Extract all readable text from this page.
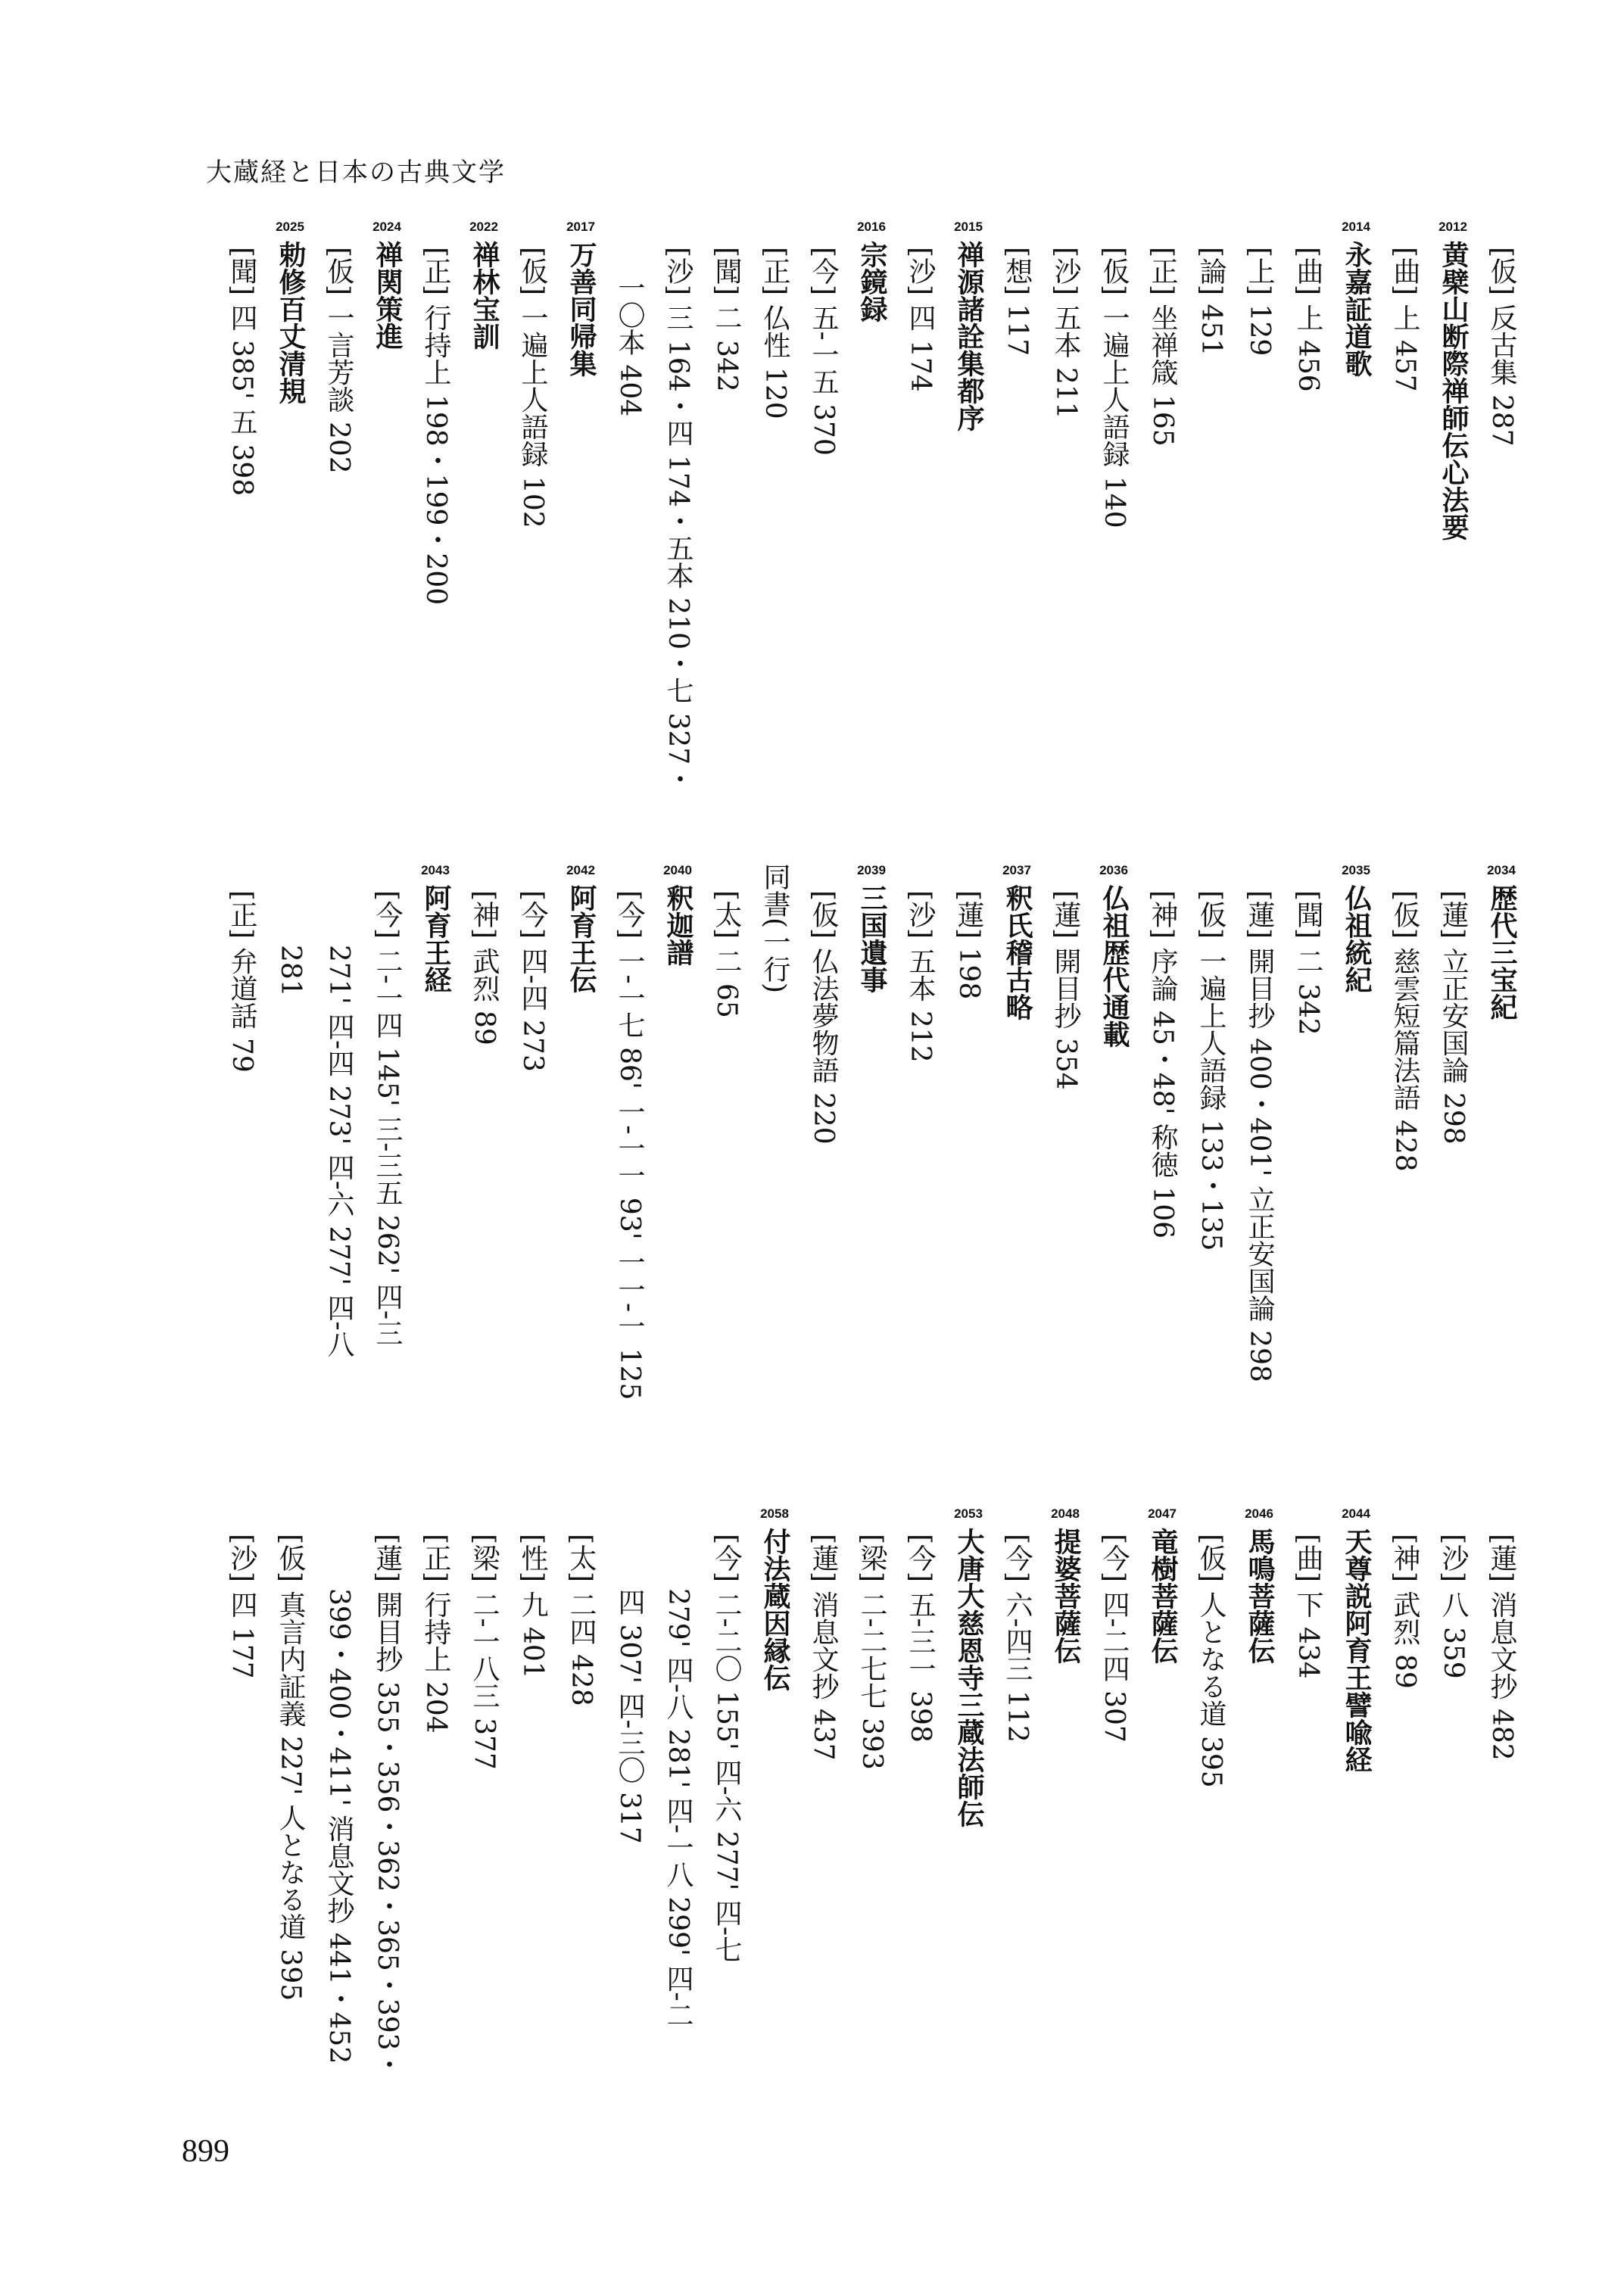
大蔵経と日本の古典文学
[仮] 反古集 287
2012黄檗山断際禅師伝心法要
[曲] 上 457
2014永嘉証道歌
[曲] 上 456
[上] 129
[論] 451
[正] 坐禅箴 165
[仮] 一遍上人語録 140
[沙] 五本 211
[想] 117
2015禅源諸詮集都序
[沙] 四 174
2016宗鏡録
[今] 五-一五 370
[正] 仏性 120
[聞] 二 342
[沙] 三 164・四 174・五本 210・七 327・
一〇本 404
2017万善同帰集
[仮] 一遍上人語録 102
2022禅林宝訓
[正] 行持上 198・199・200
2024禅関策進
[仮] 一言芳談 202
2025勅修百丈清規
[聞] 四 385' 五 398
2034歴代三宝紀
[蓮] 立正安国論 298
[仮] 慈雲短篇法語 428
2035仏祖統紀
[聞] 二 342
[蓮] 開目抄 400・401' 立正安国論 298
[仮] 一遍上人語録 133・135
[神] 序論 45・48' 称徳 106
2036仏祖歴代通載
[蓮] 開目抄 354
2037釈氏稽古略
[蓮] 198
[沙] 五本 212
2039三国遺事
[仮] 仏法夢物語 220
同書(一行)
[太] 二 65
2040釈迦譜
[今] 一-一七 86' 一-一一 93' 一一-一 125
2042阿育王伝
[今] 四-四 273
[神] 武烈 89
2043阿育王経
[今] 二-一四 145' 三-三五 262' 四-三
271' 四-四 273' 四-六 277' 四-八
281
[正] 弁道話 79
[蓮] 消息文抄 482
[沙] 八 359
[神] 武烈 89
2044天尊説阿育王譬喩経
[曲] 下 434
2046馬鳴菩薩伝
[仮] 人となる道 395
2047竜樹菩薩伝
[今] 四-二四 307
2048提婆菩薩伝
[今] 六-四三 112
2053大唐大慈恩寺三蔵法師伝
[今] 五-三一 398
[梁] 二-二七七 393
[蓮] 消息文抄 437
2058付法蔵因縁伝
[今] 二-二〇 155' 四-六 277' 四-七
279' 四-八 281' 四-一八 299' 四-二
四 307' 四-三〇 317
[太] 二四 428
[性] 九 401
[梁] 二-一八三 377
[正] 行持上 204
[蓮] 開目抄 355・356・362・365・393・
399・400・411' 消息文抄 441・452
[仮] 真言内証義 227' 人となる道 395
[沙] 四 177
899
